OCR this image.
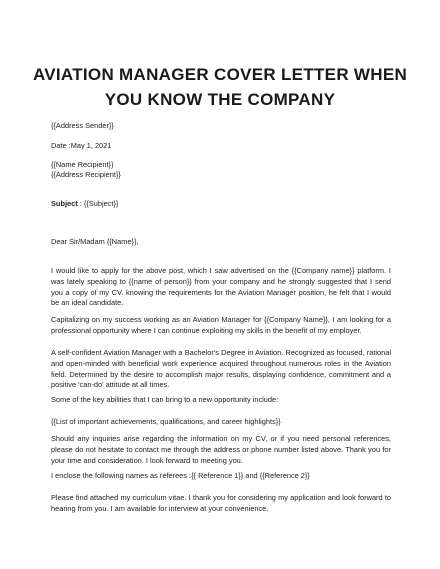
AVIATION MANAGER COVER LETTER WHEN
YOU KNOW THE COMPANY
{{Address Sender}}
Date :May 1, 2021
{{Name Recipient}}
{{Address Recipient}}
Subject : {{Subject}}
Dear Sir/Madam {{Name}},
I would like to apply for the above post, which I saw advertised on the {{Company name}} platform. I was lately speaking to {{name of person}} from your company and he strongly suggested that I send you a copy of my CV. knowing the requirements for the Aviation Manager position, he felt that I would be an ideal candidate.
Capitalizing on my success working as an Aviation Manager for {{Company Name}}, I am looking for a professional opportunity where I can continue exploiting my skills in the benefit of my employer.
A self-confident Aviation Manager with a Bachelor's Degree in Aviation. Recognized as focused, rational and open-minded with beneficial work experience acquired throughout numerous roles in the Aviation field. Determined by the desire to accomplish major results, displaying confidence, commitment and a positive 'can-do' attitude at all times.
Some of the key abilities that I can bring to a new opportunity include:
{{List of important achievements, qualifications, and career highlights}}
Should any inquiries arise regarding the information on my CV, or if you need personal references, please do not hesitate to contact me through the address or phone number listed above. Thank you for your time and consideration. I look forward to meeting you.
I enclose the following names as referees :{{ Reference 1}} and {{Reference 2}}
Please find attached my curriculum vitae. I thank you for considering my application and look forward to hearing from you. I am available for interview at your convenience.
